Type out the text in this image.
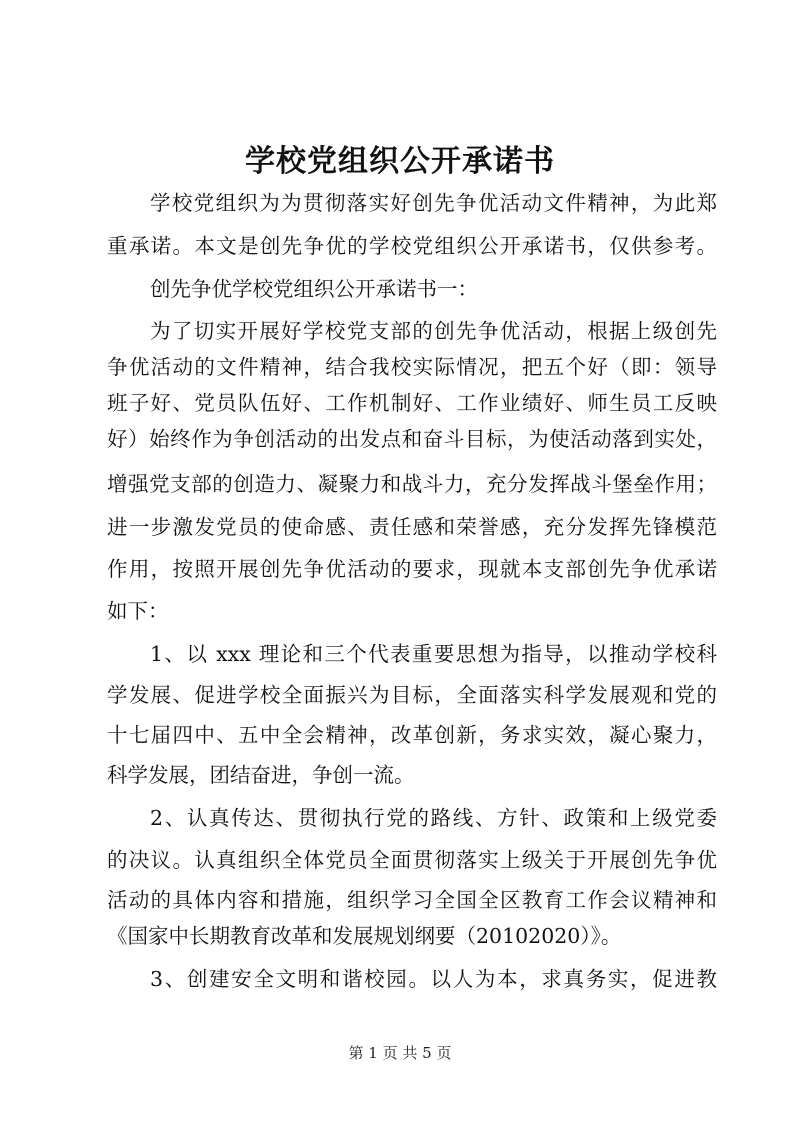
学校党组织公开承诺书
学校党组织为为贯彻落实好创先争优活动文件精神，为此郑
重承诺。本文是创先争优的学校党组织公开承诺书，仅供参考。
创先争优学校党组织公开承诺书一：
为了切实开展好学校党支部的创先争优活动，根据上级创先
争优活动的文件精神，结合我校实际情况，把五个好（即：领导
班子好、党员队伍好、工作机制好、工作业绩好、师生员工反映
好）始终作为争创活动的出发点和奋斗目标，为使活动落到实处，
增强党支部的创造力、凝聚力和战斗力，充分发挥战斗堡垒作用；
进一步激发党员的使命感、责任感和荣誉感，充分发挥先锋模范
作用，按照开展创先争优活动的要求，现就本支部创先争优承诺
如下：
1、以 xxx 理论和三个代表重要思想为指导，以推动学校科
学发展、促进学校全面振兴为目标，全面落实科学发展观和党的
十七届四中、五中全会精神，改革创新，务求实效，凝心聚力，
科学发展，团结奋进，争创一流。
2、认真传达、贯彻执行党的路线、方针、政策和上级党委
的决议。认真组织全体党员全面贯彻落实上级关于开展创先争优
活动的具体内容和措施，组织学习全国全区教育工作会议精神和
《国家中长期教育改革和发展规划纲要（20102020）》。
3、创建安全文明和谐校园。以人为本，求真务实，促进教
第 1 页 共 5 页
